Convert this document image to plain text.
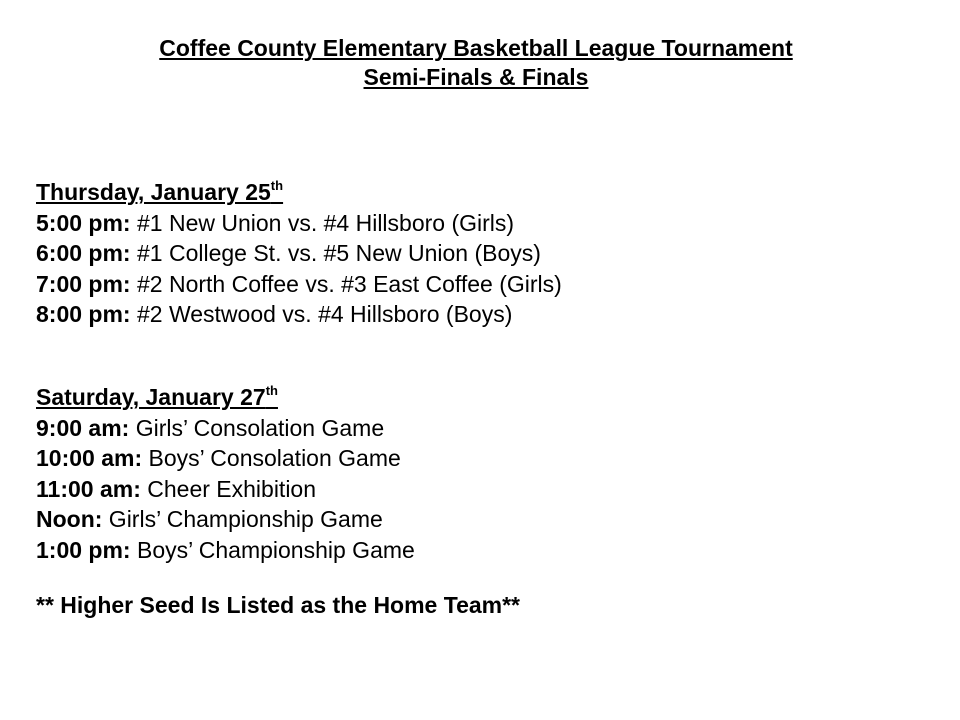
Coffee County Elementary Basketball League Tournament
Semi-Finals & Finals
Thursday, January 25th
5:00 pm: #1 New Union vs. #4 Hillsboro (Girls)
6:00 pm: #1 College St. vs. #5 New Union (Boys)
7:00 pm: #2 North Coffee vs. #3 East Coffee (Girls)
8:00 pm: #2 Westwood vs. #4 Hillsboro (Boys)
Saturday, January 27th
9:00 am: Girls’ Consolation Game
10:00 am: Boys’ Consolation Game
11:00 am: Cheer Exhibition
Noon: Girls’ Championship Game
1:00 pm: Boys’ Championship Game
** Higher Seed Is Listed as the Home Team**
